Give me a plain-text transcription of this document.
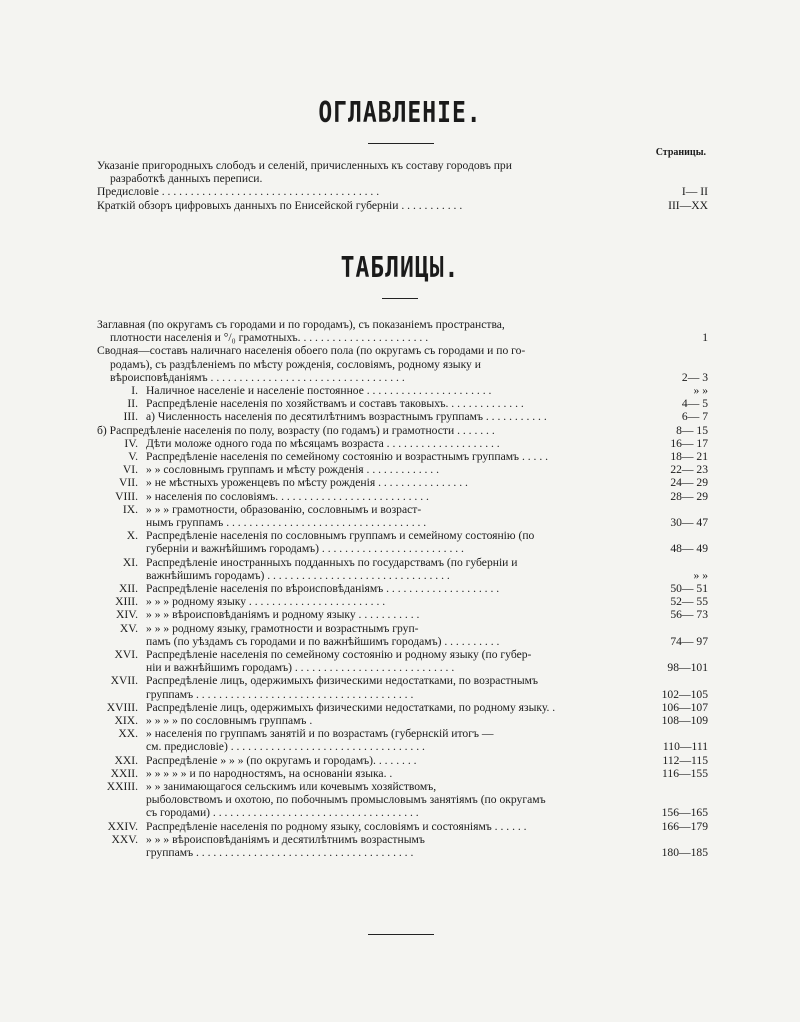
ОГЛАВЛЕНІЕ.
Страницы.
ТАБЛИЦЫ.
Указаніе пригородныхъ слободъ и селеній, причисленныхъ къ составу городовъ при
разработкѣ данныхъ переписи.
Предисловіе . . . . . . . . . . . . . . . . . . . . . . . . . . . . . . . . . . . . . .	I— II
Краткій обзоръ цифровыхъ данныхъ по Енисейской губерніи . . . . . . . . . . .	III—XX
Заглавная (по округамъ съ городами и по городамъ), съ показаніемъ пространства,
плотности населенія и °/₀ грамотныхъ. . . . . . . . . . . . . . . . . . . . . . .	1
Сводная—составъ наличнаго населенія обоего пола (по округамъ съ городами и по го-
родамъ), съ раздѣленіемъ по мѣсту рожденія, сословіямъ, родному языку и
вѣроисповѣданіямъ . . . . . . . . . . . . . . . . . . . . . . . . . . . . . . . . . .	2— 3
I. Наличное населеніе и населеніе постоянное . . . . . . . . . . . . . . . . . . . . . .	» »
II. Распредѣленіе населенія по хозяйствамъ и составъ таковыхъ. . . . . . . . . . . . . .	4— 5
III. а) Численность населенія по десятилѣтнимъ возрастнымъ группамъ . . . . . . . . . . .	6— 7
б) Распредѣленіе населенія по полу, возрасту (по годамъ) и грамотности . . . . . . .	8— 15
IV. Дѣти моложе одного года по мѣсяцамъ возраста . . . . . . . . . . . . . . . . . . . .	16— 17
V. Распредѣленіе населенія по семейному состоянію и возрастнымъ группамъ . . . . .	18— 21
VI. » » сословнымъ группамъ и мѣсту рожденія . . . . . . . . . . . . .	22— 23
VII. » не мѣстныхъ уроженцевъ по мѣсту рожденія . . . . . . . . . . . . . . . .	24— 29
VIII. » населенія по сословіямъ. . . . . . . . . . . . . . . . . . . . . . . . . . .	28— 29
IX. » » » грамотности, образованію, сословнымъ и возраст-
нымъ группамъ . . . . . . . . . . . . . . . . . . . . . . . . . . . . . . . . . . .	30— 47
X. Распредѣленіе населенія по сословнымъ группамъ и семейному состоянію (по
губерніи и важнѣйшимъ городамъ) . . . . . . . . . . . . . . . . . . . . . . . . .	48— 49
XI. Распредѣленіе иностранныхъ подданныхъ по государствамъ (по губерніи и
важнѣйшимъ городамъ) . . . . . . . . . . . . . . . . . . . . . . . . . . . . . . . .	» »
XII. Распредѣленіе населенія по вѣроисповѣданіямъ . . . . . . . . . . . . . . . . . . . .	50— 51
XIII. » » » родному языку . . . . . . . . . . . . . . . . . . . . . . . .	52— 55
XIV. » » » вѣроисповѣданіямъ и родному языку . . . . . . . . . . .	56— 73
XV. » » » родному языку, грамотности и возрастнымъ груп-
памъ (по уѣздамъ съ городами и по важнѣйшимъ городамъ) . . . . . . . . . .	74— 97
XVI. Распредѣленіе населенія по семейному состоянію и родному языку (по губер-
ніи и важнѣйшимъ городамъ) . . . . . . . . . . . . . . . . . . . . . . . . . . . .	98—101
XVII. Распредѣленіе лицъ, одержимыхъ физическими недостатками, по возрастнымъ
группамъ . . . . . . . . . . . . . . . . . . . . . . . . . . . . . . . . . . . . . .	102—105
XVIII. Распредѣленіе лицъ, одержимыхъ физическими недостатками, по родному языку. .	106—107
XIX. » » » » по сословнымъ группамъ .	108—109
XX. » населенія по группамъ занятій и по возрастамъ (губернскій итогъ —
см. предисловіе) . . . . . . . . . . . . . . . . . . . . . . . . . . . . . . . . . .	110—111
XXI. Распредѣленіе » » » (по округамъ и городамъ). . . . . . . .	112—115
XXII. » » » » » и по народностямъ, на основаніи языка. .	116—155
XXIII. » » занимающагося сельскимъ или кочевымъ хозяйствомъ,
рыболовствомъ и охотою, по побочнымъ промысловымъ занятіямъ (по округамъ
съ городами) . . . . . . . . . . . . . . . . . . . . . . . . . . . . . . . . . . . .	156—165
XXIV. Распредѣленіе населенія по родному языку, сословіямъ и состояніямъ . . . . . .	166—179
XXV. » » » вѣроисповѣданіямъ и десятилѣтнимъ возрастнымъ
группамъ . . . . . . . . . . . . . . . . . . . . . . . . . . . . . . . . . . . . . .	180—185
